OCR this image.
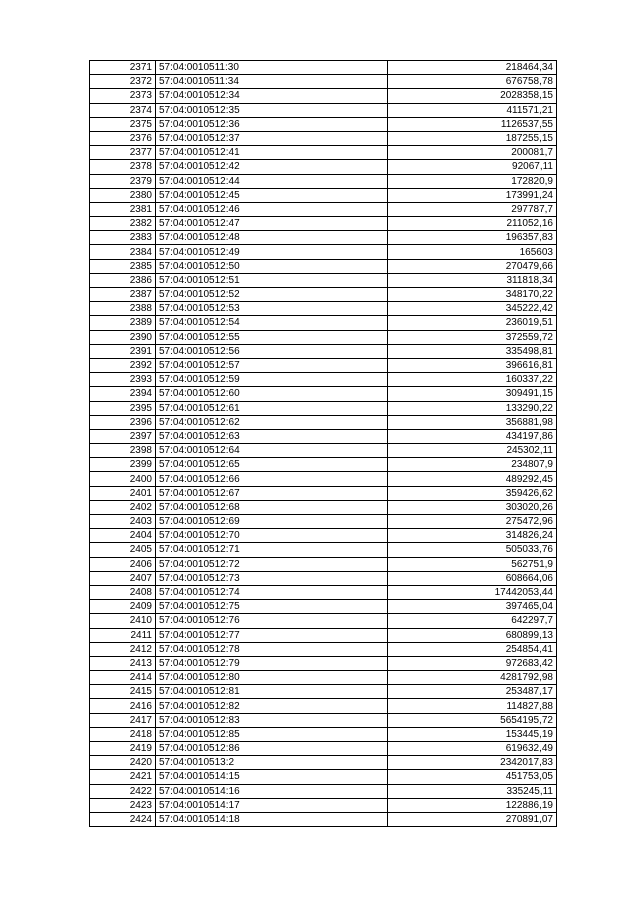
2371	57:04:0010511:30	218464,34
2372	57:04:0010511:34	676758,78
2373	57:04:0010512:34	2028358,15
2374	57:04:0010512:35	411571,21
2375	57:04:0010512:36	1126537,55
2376	57:04:0010512:37	187255,15
2377	57:04:0010512:41	200081,7
2378	57:04:0010512:42	92067,11
2379	57:04:0010512:44	172820,9
2380	57:04:0010512:45	173991,24
2381	57:04:0010512:46	297787,7
2382	57:04:0010512:47	211052,16
2383	57:04:0010512:48	196357,83
2384	57:04:0010512:49	165603
2385	57:04:0010512:50	270479,66
2386	57:04:0010512:51	311818,34
2387	57:04:0010512:52	348170,22
2388	57:04:0010512:53	345222,42
2389	57:04:0010512:54	236019,51
2390	57:04:0010512:55	372559,72
2391	57:04:0010512:56	335498,81
2392	57:04:0010512:57	396616,81
2393	57:04:0010512:59	160337,22
2394	57:04:0010512:60	309491,15
2395	57:04:0010512:61	133290,22
2396	57:04:0010512:62	356881,98
2397	57:04:0010512:63	434197,86
2398	57:04:0010512:64	245302,11
2399	57:04:0010512:65	234807,9
2400	57:04:0010512:66	489292,45
2401	57:04:0010512:67	359426,62
2402	57:04:0010512:68	303020,26
2403	57:04:0010512:69	275472,96
2404	57:04:0010512:70	314826,24
2405	57:04:0010512:71	505033,76
2406	57:04:0010512:72	562751,9
2407	57:04:0010512:73	608664,06
2408	57:04:0010512:74	17442053,44
2409	57:04:0010512:75	397465,04
2410	57:04:0010512:76	642297,7
2411	57:04:0010512:77	680899,13
2412	57:04:0010512:78	254854,41
2413	57:04:0010512:79	972683,42
2414	57:04:0010512:80	4281792,98
2415	57:04:0010512:81	253487,17
2416	57:04:0010512:82	114827,88
2417	57:04:0010512:83	5654195,72
2418	57:04:0010512:85	153445,19
2419	57:04:0010512:86	619632,49
2420	57:04:0010513:2	2342017,83
2421	57:04:0010514:15	451753,05
2422	57:04:0010514:16	335245,11
2423	57:04:0010514:17	122886,19
2424	57:04:0010514:18	270891,07
